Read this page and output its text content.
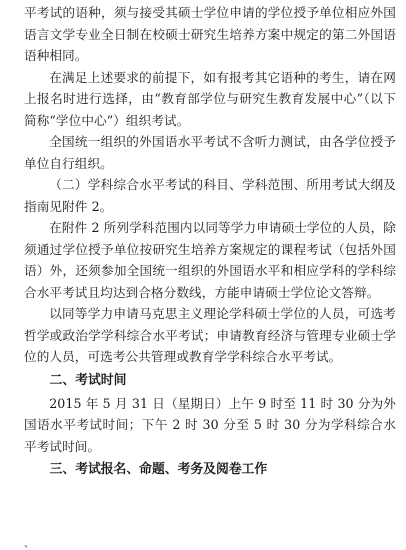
平考试的语种，须与接受其硕士学位申请的学位授予单位相应外国语言文学专业全日制在校硕士研究生培养方案中规定的第二外国语语种相同。

在满足上述要求的前提下，如有报考其它语种的考生，请在网上报名时进行选择，由“教育部学位与研究生教育发展中心”（以下简称“学位中心”）组织考试。

全国统一组织的外国语水平考试不含听力测试，由各学位授予单位自行组织。

（二）学科综合水平考试的科目、学科范围、所用考试大纲及指南见附件 2。

在附件 2 所列学科范围内以同等学力申请硕士学位的人员，除须通过学位授予单位按研究生培养方案规定的课程考试（包括外国语）外，还须参加全国统一组织的外国语水平和相应学科的学科综合水平考试且均达到合格分数线，方能申请硕士学位论文答辩。

以同等学力申请马克思主义理论学科硕士学位的人员，可选考哲学或政治学学科综合水平考试；申请教育经济与管理专业硕士学位的人员，可选考公共管理或教育学学科综合水平考试。

二、考试时间

2015 年 5 月 31 日（星期日）上午 9 时至 11 时 30 分为外国语水平考试时间；下午 2 时 30 分至 5 时 30 分为学科综合水平考试时间。

三、考试报名、命题、考务及阅卷工作
、
